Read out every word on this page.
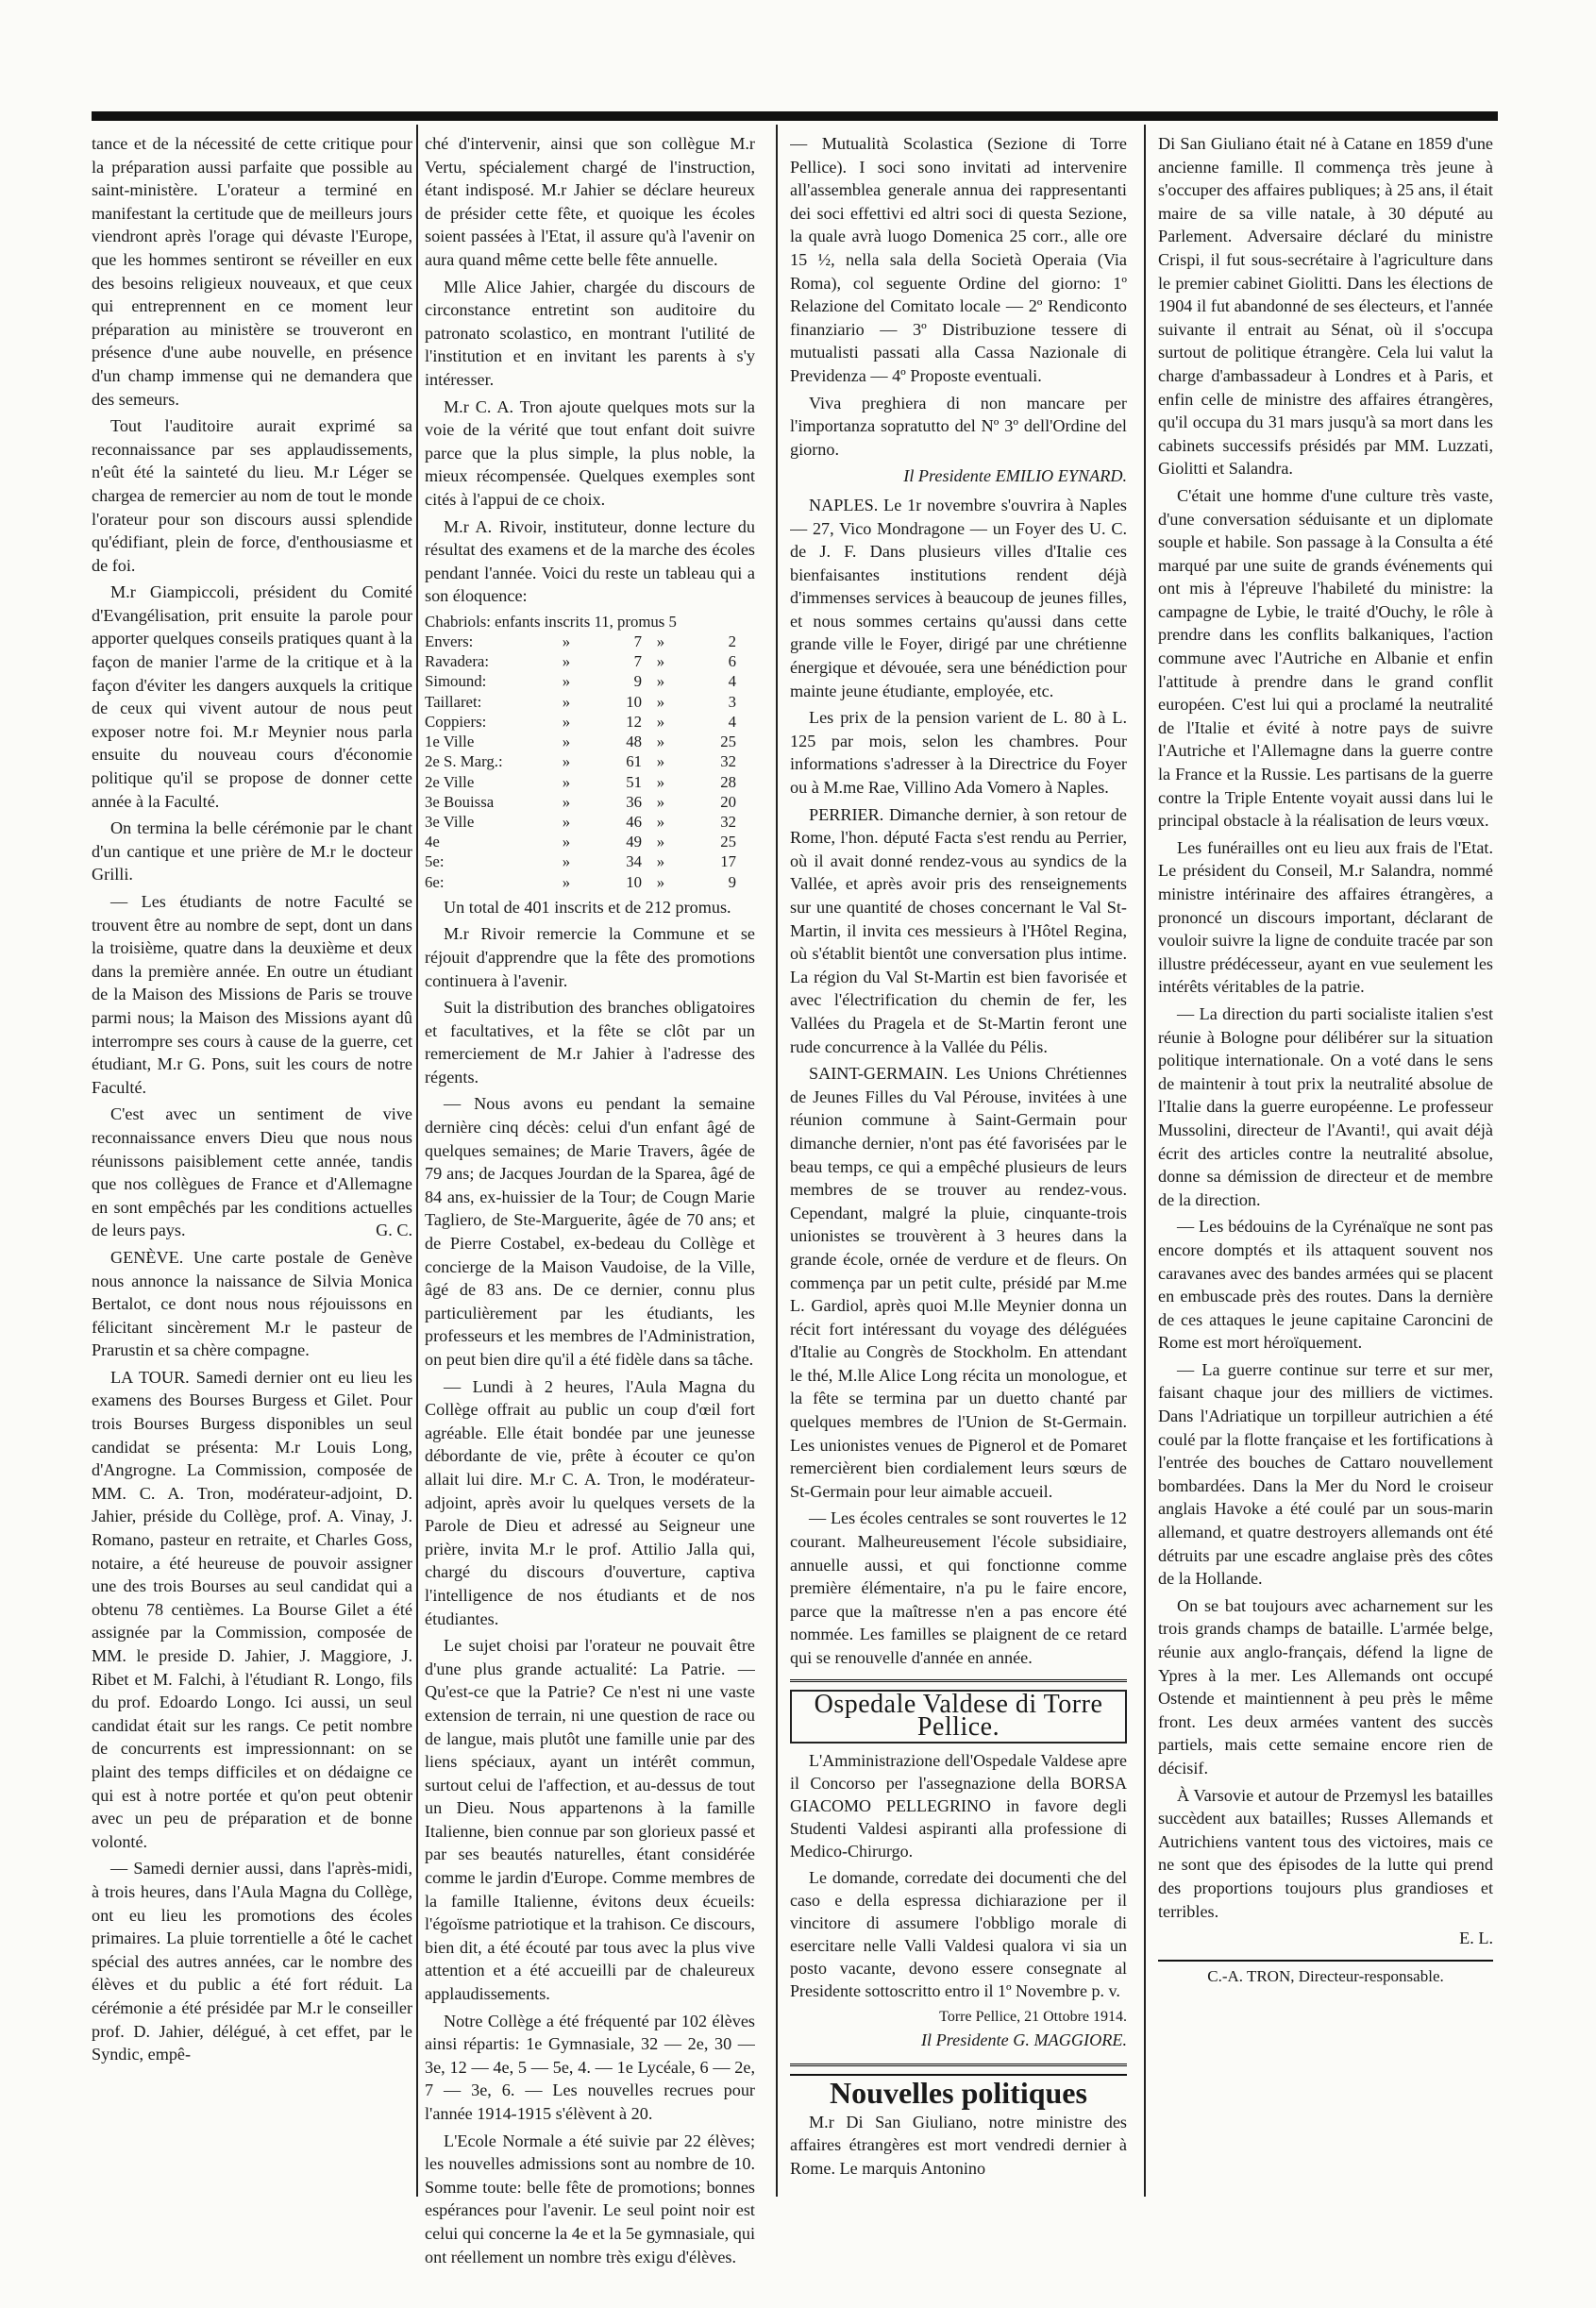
tance et de la nécessité de cette critique pour la préparation aussi parfaite que possible au saint-ministère. L'orateur a terminé en manifestant la certitude que de meilleurs jours viendront après l'orage qui dévaste l'Europe, que les hommes sentiront se réveiller en eux des besoins religieux nouveaux, et que ceux qui entreprennent en ce moment leur préparation au ministère se trouveront en présence d'une aube nouvelle, en présence d'un champ immense qui ne demandera que des semeurs.

Tout l'auditoire aurait exprimé sa reconnaissance par ses applaudissements, n'eût été la sainteté du lieu. M.r Léger se chargea de remercier au nom de tout le monde l'orateur pour son discours aussi splendide qu'édifiant, plein de force, d'enthousiasme et de foi.

M.r Giampiccoli, président du Comité d'Evangélisation, prit ensuite la parole pour apporter quelques conseils pratiques quant à la façon de manier l'arme de la critique et à la façon d'éviter les dangers auxquels la critique de ceux qui vivent autour de nous peut exposer notre foi. M.r Meynier nous parla ensuite du nouveau cours d'économie politique qu'il se propose de donner cette année à la Faculté.

On termina la belle cérémonie par le chant d'un cantique et une prière de M.r le docteur Grilli.

— Les étudiants de notre Faculté se trouvent être au nombre de sept, dont un dans la troisième, quatre dans la deuxième et deux dans la première année. En outre un étudiant de la Maison des Missions de Paris se trouve parmi nous; la Maison des Missions ayant dû interrompre ses cours à cause de la guerre, cet étudiant, M.r G. Pons, suit les cours de notre Faculté.

C'est avec un sentiment de vive reconnaissance envers Dieu que nous nous réunissons paisiblement cette année, tandis que nos collègues de France et d'Allemagne en sont empêchés par les conditions actuelles de leurs pays.	G. C.

GENÈVE. Une carte postale de Genève nous annonce la naissance de Silvia Monica Bertalot, ce dont nous nous réjouissons en félicitant sincèrement M.r le pasteur de Prarustin et sa chère compagne.

LA TOUR. Samedi dernier ont eu lieu les examens des Bourses Burgess et Gilet. Pour trois Bourses Burgess disponibles un seul candidat se présenta: M.r Louis Long, d'Angrogne. La Commission, composée de MM. C. A. Tron, modérateur-adjoint, D. Jahier, préside du Collège, prof. A. Vinay, J. Romano, pasteur en retraite, et Charles Goss, notaire, a été heureuse de pouvoir assigner une des trois Bourses au seul candidat qui a obtenu 78 centièmes. La Bourse Gilet a été assignée par la Commission, composée de MM. le preside D. Jahier, J. Maggiore, J. Ribet et M. Falchi, à l'étudiant R. Longo, fils du prof. Edoardo Longo. Ici aussi, un seul candidat était sur les rangs. Ce petit nombre de concurrents est impressionnant: on se plaint des temps difficiles et on dédaigne ce qui est à notre portée et qu'on peut obtenir avec un peu de préparation et de bonne volonté.

— Samedi dernier aussi, dans l'après-midi, à trois heures, dans l'Aula Magna du Collège, ont eu lieu les promotions des écoles primaires. La pluie torrentielle a ôté le cachet spécial des autres années, car le nombre des élèves et du public a été fort réduit. La cérémonie a été présidée par M.r le conseiller prof. D. Jahier, délégué, à cet effet, par le Syndic, empê-

ché d'intervenir, ainsi que son collègue M.r Vertu, spécialement chargé de l'instruction, étant indisposé. M.r Jahier se déclare heureux de présider cette fête, et quoique les écoles soient passées à l'Etat, il assure qu'à l'avenir on aura quand même cette belle fête annuelle.

Mlle Alice Jahier, chargée du discours de circonstance entretint son auditoire du patronato scolastico, en montrant l'utilité de l'institution et en invitant les parents à s'y intéresser.

M.r C. A. Tron ajoute quelques mots sur la voie de la vérité que tout enfant doit suivre parce que la plus simple, la plus noble, la mieux récompensée. Quelques exemples sont cités à l'appui de ce choix.

M.r A. Rivoir, instituteur, donne lecture du résultat des examens et de la marche des écoles pendant l'année. Voici du reste un tableau qui a son éloquence:

Chabriols: enfants inscrits 11, promus 5
Envers:	»	7 »	2
Ravadera:	»	7 »	6
Simound:	»	9 »	4
Taillaret:	»	10 »	3
Coppiers:	»	12 »	4
1e Ville	»	48 »	25
2e S. Marg.:	»	61 »	32
2e Ville	»	51 »	28
3e Bouissa	»	36 »	20
3e Ville	»	46 »	32
4e	»	49 »	25
5e:	»	34 »	17
6e:	»	10 »	9

Un total de 401 inscrits et de 212 promus.

M.r Rivoir remercie la Commune et se réjouit d'apprendre que la fête des promotions continuera à l'avenir.

Suit la distribution des branches obligatoires et facultatives, et la fête se clôt par un remerciement de M.r Jahier à l'adresse des régents.

— Nous avons eu pendant la semaine dernière cinq décès: celui d'un enfant âgé de quelques semaines; de Marie Travers, âgée de 79 ans; de Jacques Jourdan de la Sparea, âgé de 84 ans, ex-huissier de la Tour; de Cougn Marie Tagliero, de Ste-Marguerite, âgée de 70 ans; et de Pierre Costabel, ex-bedeau du Collège et concierge de la Maison Vaudoise, de la Ville, âgé de 83 ans. De ce dernier, connu plus particulièrement par les étudiants, les professeurs et les membres de l'Administration, on peut bien dire qu'il a été fidèle dans sa tâche.

— Lundi à 2 heures, l'Aula Magna du Collège offrait au public un coup d'œil fort agréable. Elle était bondée par une jeunesse débordante de vie, prête à écouter ce qu'on allait lui dire. M.r C. A. Tron, le modérateur-adjoint, après avoir lu quelques versets de la Parole de Dieu et adressé au Seigneur une prière, invita M.r le prof. Attilio Jalla qui, chargé du discours d'ouverture, captiva l'intelligence de nos étudiants et de nos étudiantes.

Le sujet choisi par l'orateur ne pouvait être d'une plus grande actualité: La Patrie. — Qu'est-ce que la Patrie? Ce n'est ni une vaste extension de terrain, ni une question de race ou de langue, mais plutôt une famille unie par des liens spéciaux, ayant un intérêt commun, surtout celui de l'affection, et au-dessus de tout un Dieu. Nous appartenons à la famille Italienne, bien connue par son glorieux passé et par ses beautés naturelles, étant considérée comme le jardin d'Europe. Comme membres de la famille Italienne, évitons deux écueils: l'égoïsme patriotique et la trahison. Ce discours, bien dit, a été écouté par tous avec la plus vive attention et a été accueilli par de chaleureux applaudissements.

Notre Collège a été fréquenté par 102 élèves ainsi répartis: 1e Gymnasiale, 32 — 2e, 30 — 3e, 12 — 4e, 5 — 5e, 4. — 1e Lycéale, 6 — 2e, 7 — 3e, 6. — Les nouvelles recrues pour l'année 1914-1915 s'élèvent à 20.

L'Ecole Normale a été suivie par 22 élèves; les nouvelles admissions sont au nombre de 10. Somme toute: belle fête de promotions; bonnes espérances pour l'avenir. Le seul point noir est celui qui concerne la 4e et la 5e gymnasiale, qui ont réellement un nombre très exigu d'élèves.

— Mutualità Scolastica (Sezione di Torre Pellice). I soci sono invitati ad intervenire all'assemblea generale annua dei rappresentanti dei soci effettivi ed altri soci di questa Sezione, la quale avrà luogo Domenica 25 corr., alle ore 15 ½, nella sala della Società Operaia (Via Roma), col seguente Ordine del giorno: 1º Relazione del Comitato locale — 2º Rendiconto finanziario — 3º Distribuzione tessere di mutualisti passati alla Cassa Nazionale di Previdenza — 4º Proposte eventuali.

Viva preghiera di non mancare per l'importanza sopratutto del Nº 3º dell'Ordine del giorno.

Il Presidente EMILIO EYNARD.

NAPLES. Le 1r novembre s'ouvrira à Naples — 27, Vico Mondragone — un Foyer des U. C. de J. F. Dans plusieurs villes d'Italie ces bienfaisantes institutions rendent déjà d'immenses services à beaucoup de jeunes filles, et nous sommes certains qu'aussi dans cette grande ville le Foyer, dirigé par une chrétienne énergique et dévouée, sera une bénédiction pour mainte jeune étudiante, employée, etc.

Les prix de la pension varient de L. 80 à L. 125 par mois, selon les chambres. Pour informations s'adresser à la Directrice du Foyer ou à M.me Rae, Villino Ada Vomero à Naples.

PERRIER. Dimanche dernier, à son retour de Rome, l'hon. député Facta s'est rendu au Perrier, où il avait donné rendez-vous au syndics de la Vallée, et après avoir pris des renseignements sur une quantité de choses concernant le Val St-Martin, il invita ces messieurs à l'Hôtel Regina, où s'établit bientôt une conversation plus intime. La région du Val St-Martin est bien favorisée et avec l'électrification du chemin de fer, les Vallées du Pragela et de St-Martin feront une rude concurrence à la Vallée du Pélis.

SAINT-GERMAIN. Les Unions Chrétiennes de Jeunes Filles du Val Pérouse, invitées à une réunion commune à Saint-Germain pour dimanche dernier, n'ont pas été favorisées par le beau temps, ce qui a empêché plusieurs de leurs membres de se trouver au rendez-vous. Cependant, malgré la pluie, cinquante-trois unionistes se trouvèrent à 3 heures dans la grande école, ornée de verdure et de fleurs. On commença par un petit culte, présidé par M.me L. Gardiol, après quoi M.lle Meynier donna un récit fort intéressant du voyage des déléguées d'Italie au Congrès de Stockholm. En attendant le thé, M.lle Alice Long récita un monologue, et la fête se termina par un duetto chanté par quelques membres de l'Union de St-Germain. Les unionistes venues de Pignerol et de Pomaret remercièrent bien cordialement leurs sœurs de St-Germain pour leur aimable accueil.

— Les écoles centrales se sont rouvertes le 12 courant. Malheureusement l'école subsidiaire, annuelle aussi, et qui fonctionne comme première élémentaire, n'a pu le faire encore, parce que la maîtresse n'en a pas encore été nommée. Les familles se plaignent de ce retard qui se renouvelle d'année en année.

Ospedale Valdese di Torre Pellice.

L'Amministrazione dell'Ospedale Valdese apre il Concorso per l'assegnazione della BORSA GIACOMO PELLEGRINO in favore degli Studenti Valdesi aspiranti alla professione di Medico-Chirurgo.

Le domande, corredate dei documenti che del caso e della espressa dichiarazione per il vincitore di assumere l'obbligo morale di esercitare nelle Valli Valdesi qualora vi sia un posto vacante, devono essere consegnate al Presidente sottoscritto entro il 1º Novembre p. v.

Torre Pellice, 21 Ottobre 1914.
Il Presidente G. MAGGIORE.
Nouvelles politiques

M.r Di San Giuliano, notre ministre des affaires étrangères est mort vendredi dernier à Rome. Le marquis Antonino

Di San Giuliano était né à Catane en 1859 d'une ancienne famille. Il commença très jeune à s'occuper des affaires publiques; à 25 ans, il était maire de sa ville natale, à 30 député au Parlement. Adversaire déclaré du ministre Crispi, il fut sous-secrétaire à l'agriculture dans le premier cabinet Giolitti. Dans les élections de 1904 il fut abandonné de ses électeurs, et l'année suivante il entrait au Sénat, où il s'occupa surtout de politique étrangère. Cela lui valut la charge d'ambassadeur à Londres et à Paris, et enfin celle de ministre des affaires étrangères, qu'il occupa du 31 mars jusqu'à sa mort dans les cabinets successifs présidés par MM. Luzzati, Giolitti et Salandra.

C'était une homme d'une culture très vaste, d'une conversation séduisante et un diplomate souple et habile. Son passage à la Consulta a été marqué par une suite de grands événements qui ont mis à l'épreuve l'habileté du ministre: la campagne de Lybie, le traité d'Ouchy, le rôle à prendre dans les conflits balkaniques, l'action commune avec l'Autriche en Albanie et enfin l'attitude à prendre dans le grand conflit européen. C'est lui qui a proclamé la neutralité de l'Italie et évité à notre pays de suivre l'Autriche et l'Allemagne dans la guerre contre la France et la Russie. Les partisans de la guerre contre la Triple Entente voyait aussi dans lui le principal obstacle à la réalisation de leurs vœux.

Les funérailles ont eu lieu aux frais de l'Etat. Le président du Conseil, M.r Salandra, nommé ministre intérinaire des affaires étrangères, a prononcé un discours important, déclarant de vouloir suivre la ligne de conduite tracée par son illustre prédécesseur, ayant en vue seulement les intérêts véritables de la patrie.

— La direction du parti socialiste italien s'est réunie à Bologne pour délibérer sur la situation politique internationale. On a voté dans le sens de maintenir à tout prix la neutralité absolue de l'Italie dans la guerre européenne. Le professeur Mussolini, directeur de l'Avanti!, qui avait déjà écrit des articles contre la neutralité absolue, donne sa démission de directeur et de membre de la direction.

— Les bédouins de la Cyrénaïque ne sont pas encore domptés et ils attaquent souvent nos caravanes avec des bandes armées qui se placent en embuscade près des routes. Dans la dernière de ces attaques le jeune capitaine Caroncini de Rome est mort héroïquement.

— La guerre continue sur terre et sur mer, faisant chaque jour des milliers de victimes. Dans l'Adriatique un torpilleur autrichien a été coulé par la flotte française et les fortifications à l'entrée des bouches de Cattaro nouvellement bombardées. Dans la Mer du Nord le croiseur anglais Havoke a été coulé par un sous-marin allemand, et quatre destroyers allemands ont été détruits par une escadre anglaise près des côtes de la Hollande.

On se bat toujours avec acharnement sur les trois grands champs de bataille. L'armée belge, réunie aux anglo-français, défend la ligne de Ypres à la mer. Les Allemands ont occupé Ostende et maintiennent à peu près le même front. Les deux armées vantent des succès partiels, mais cette semaine encore rien de décisif.

À Varsovie et autour de Przemysl les batailles succèdent aux batailles; Russes Allemands et Autrichiens vantent tous des victoires, mais ce ne sont que des épisodes de la lutte qui prend des proportions toujours plus grandioses et terribles.

E. L.
C.-A. TRON, Directeur-responsable.
